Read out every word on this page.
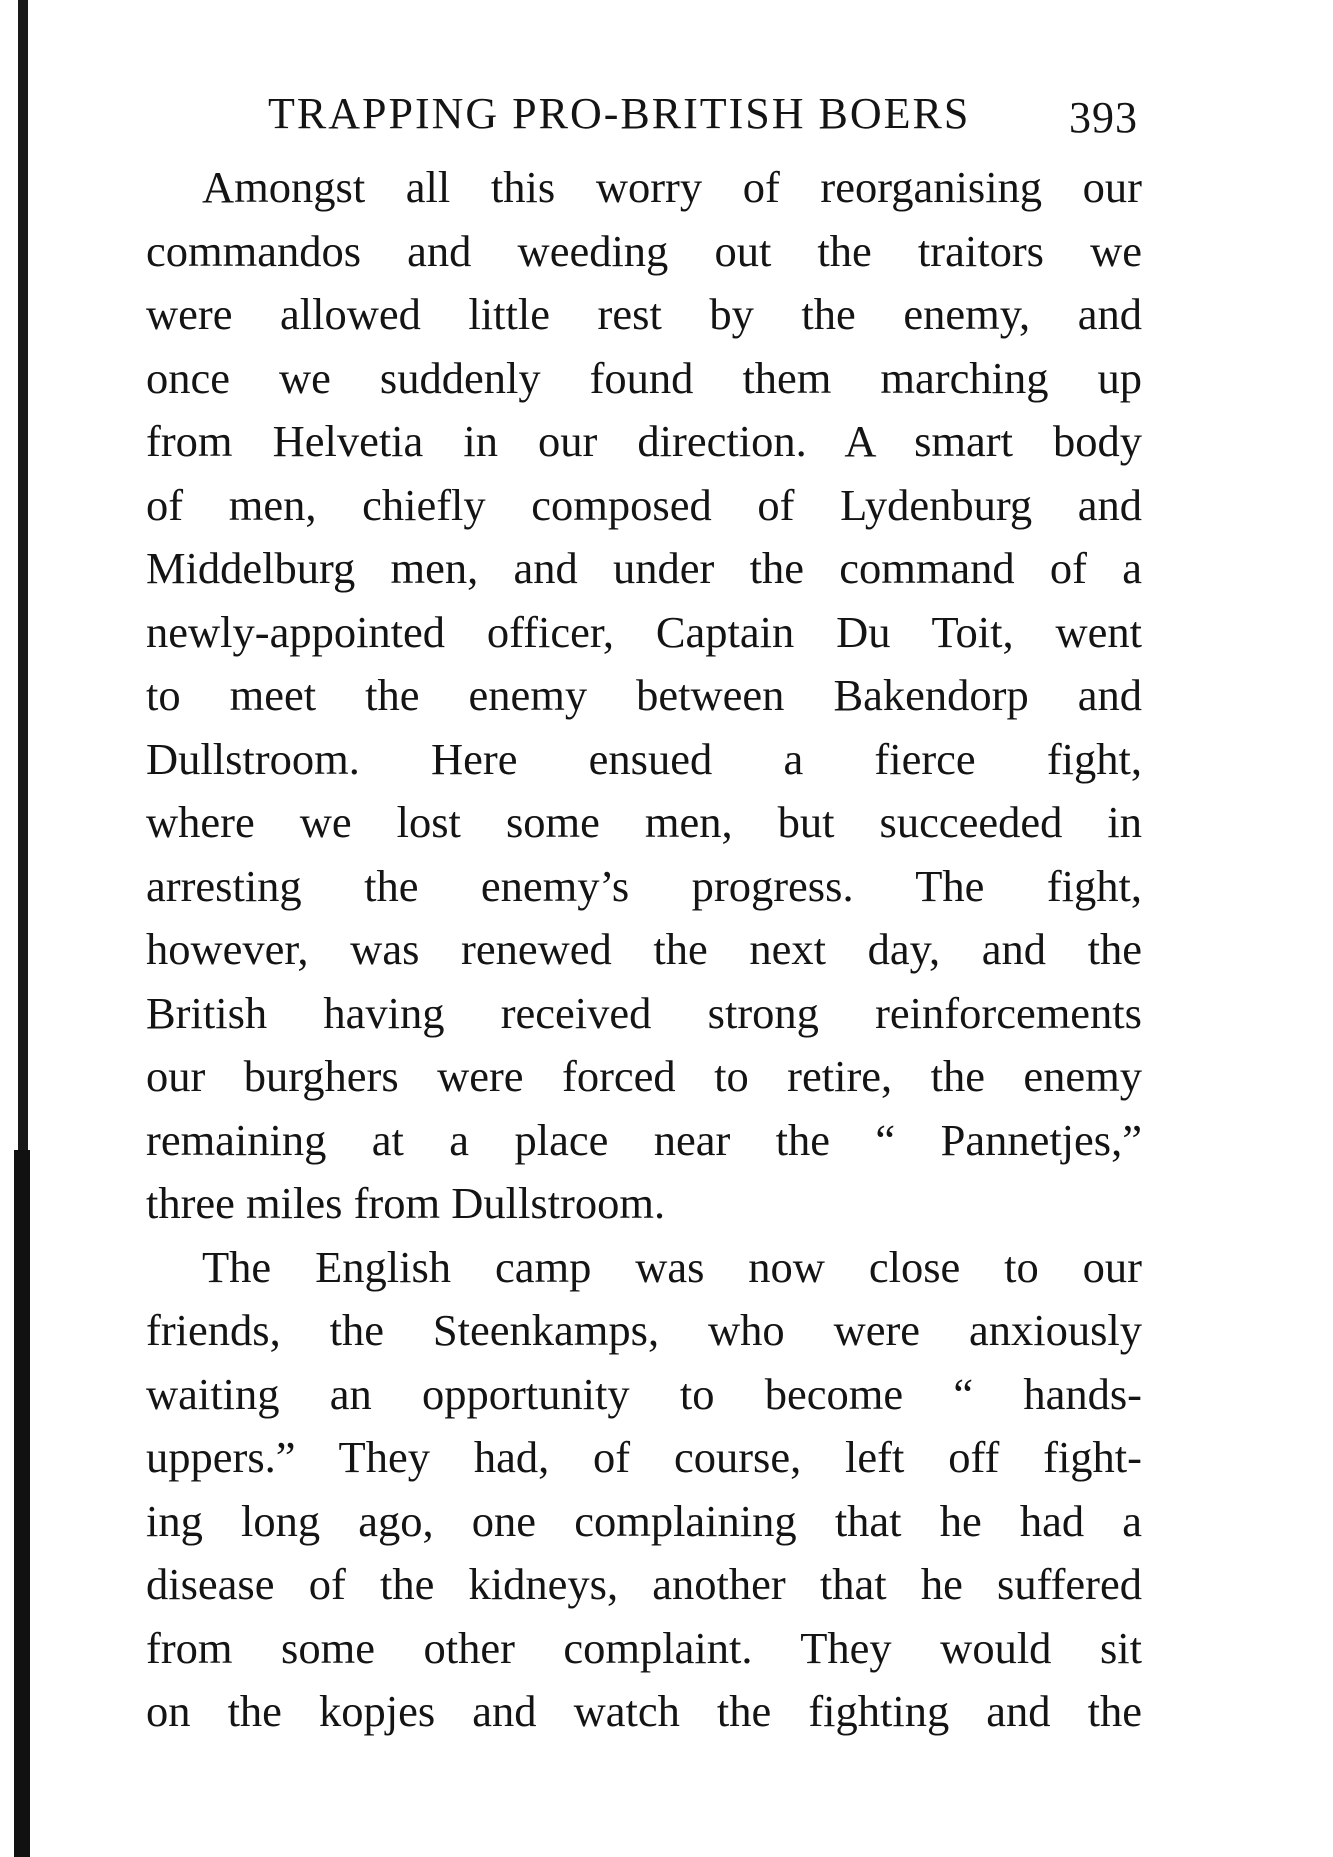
TRAPPING PRO-BRITISH BOERS 393
Amongst all this worry of reorganising our
commandos and weeding out the traitors we
were allowed little rest by the enemy, and
once we suddenly found them marching up
from Helvetia in our direction. A smart body
of men, chiefly composed of Lydenburg and
Middelburg men, and under the command of a
newly-appointed officer, Captain Du Toit, went
to meet the enemy between Bakendorp and
Dullstroom. Here ensued a fierce fight,
where we lost some men, but succeeded in
arresting the enemy’s progress. The fight,
however, was renewed the next day, and the
British having received strong reinforcements
our burghers were forced to retire, the enemy
remaining at a place near the “ Pannetjes,”
three miles from Dullstroom.
The English camp was now close to our
friends, the Steenkamps, who were anxiously
waiting an opportunity to become “ hands-
uppers.” They had, of course, left off fight-
ing long ago, one complaining that he had a
disease of the kidneys, another that he suffered
from some other complaint. They would sit
on the kopjes and watch the fighting and the
